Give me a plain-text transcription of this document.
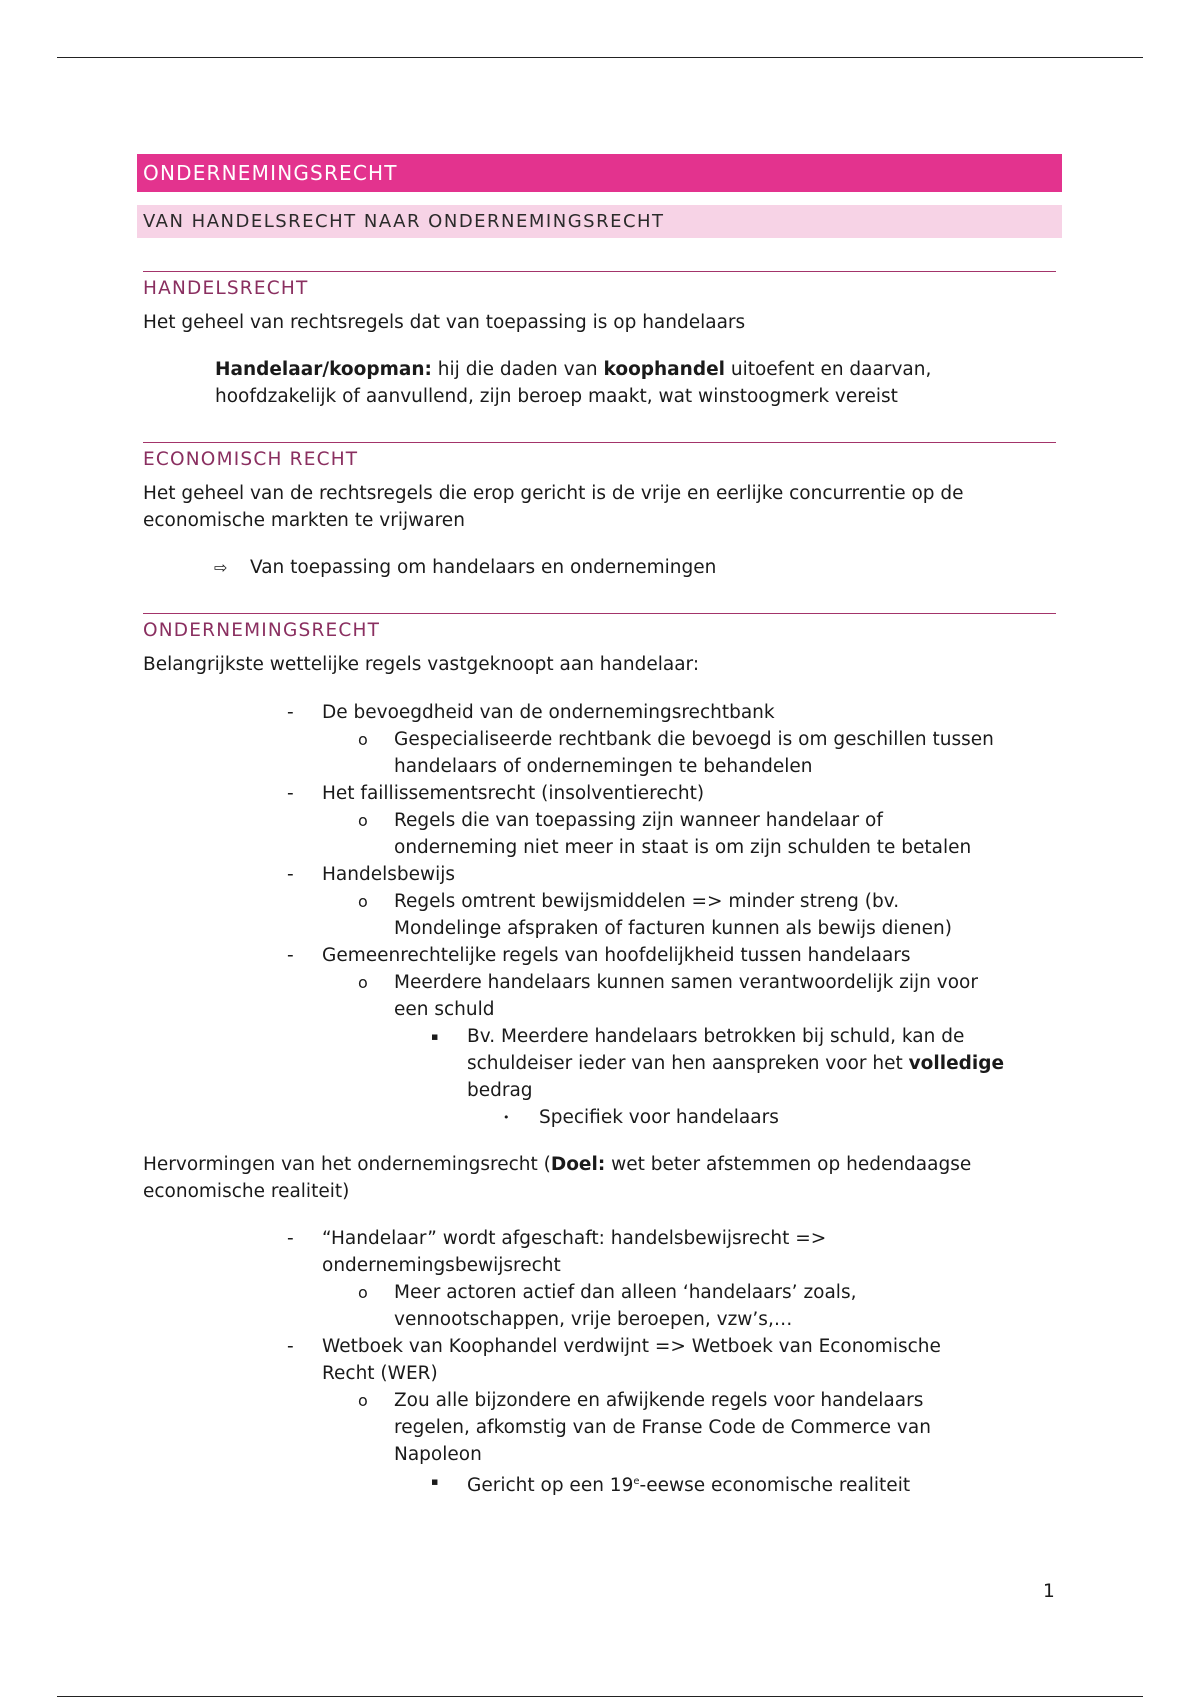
ONDERNEMINGSRECHT
VAN HANDELSRECHT NAAR ONDERNEMINGSRECHT
HANDELSRECHT

Het geheel van rechtsregels dat van toepassing is op handelaars

Handelaar/koopman: hij die daden van koophandel uitoefent en daarvan,

hoofdzakelijk of aanvullend, zijn beroep maakt, wat winstoogmerk vereist

ECONOMISCH RECHT

Het geheel van de rechtsregels die erop gericht is de vrije en eerlijke concurrentie op de

economische markten te vrijwaren

⇨ Van toepassing om handelaars en ondernemingen
ONDERNEMINGSRECHT

Belangrijkste wettelijke regels vastgeknoopt aan handelaar:

- De bevoegdheid van de ondernemingsrechtbank
o Gespecialiseerde rechtbank die bevoegd is om geschillen tussen
handelaars of ondernemingen te behandelen
- Het faillissementsrecht (insolventierecht)
o Regels die van toepassing zijn wanneer handelaar of
onderneming niet meer in staat is om zijn schulden te betalen
- Handelsbewijs
o Regels omtrent bewijsmiddelen => minder streng (bv.
Mondelinge afspraken of facturen kunnen als bewijs dienen)
- Gemeenrechtelijke regels van hoofdelijkheid tussen handelaars
o Meerdere handelaars kunnen samen verantwoordelijk zijn voor
een schuld
▪ Bv. Meerdere handelaars betrokken bij schuld, kan de
schuldeiser ieder van hen aanspreken voor het volledige
bedrag
• Specifiek voor handelaars

Hervormingen van het ondernemingsrecht (Doel: wet beter afstemmen op hedendaagse

economische realiteit)

- “Handelaar” wordt afgeschaft: handelsbewijsrecht =>
ondernemingsbewijsrecht
o Meer actoren actief dan alleen ‘handelaars’ zoals,
vennootschappen, vrije beroepen, vzw’s,…
- Wetboek van Koophandel verdwijnt => Wetboek van Economische
Recht (WER)
o Zou alle bijzondere en afwijkende regels voor handelaars
regelen, afkomstig van de Franse Code de Commerce van
Napoleon
▪ Gericht op een 19e-eewse economische realiteit
1
